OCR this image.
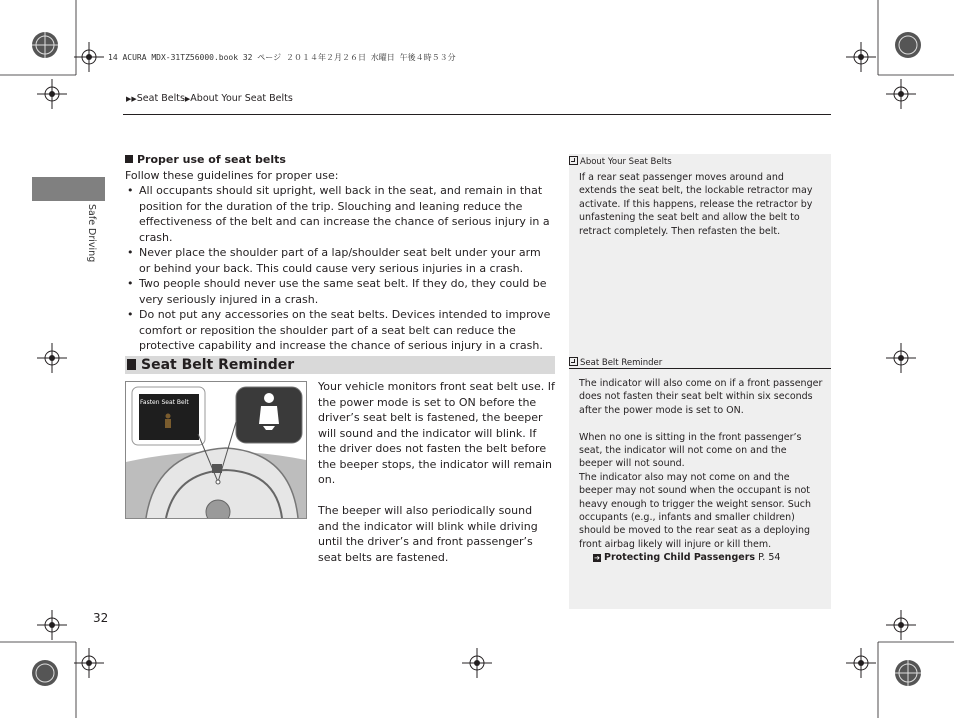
14 ACURA MDX-31TZ56000.book 32 ページ ２０１４年２月２６日 水曜日 午後４時５３分
▶▶Seat Belts▶About Your Seat Belts
Safe Driving
Proper use of seat belts

Follow these guidelines for proper use:

• All occupants should sit upright, well back in the seat, and remain in that position for the duration of the trip. Slouching and leaning reduce the effectiveness of the belt and can increase the chance of serious injury in a crash.
• Never place the shoulder part of a lap/shoulder seat belt under your arm or behind your back. This could cause very serious injuries in a crash.
• Two people should never use the same seat belt. If they do, they could be very seriously injured in a crash.
• Do not put any accessories on the seat belts. Devices intended to improve comfort or reposition the shoulder part of a seat belt can reduce the protective capability and increase the chance of serious injury in a crash.
Seat Belt Reminder
Fasten Seat Belt

Your vehicle monitors front seat belt use. If the power mode is set to ON before the driver’s seat belt is fastened, the beeper will sound and the indicator will blink. If the driver does not fasten the belt before the beeper stops, the indicator will remain on.

The beeper will also periodically sound and the indicator will blink while driving until the driver’s and front passenger’s seat belts are fastened.

About Your Seat Belts
If a rear seat passenger moves around and extends the seat belt, the lockable retractor may activate. If this happens, release the retractor by unfastening the seat belt and allow the belt to retract completely. Then refasten the belt.
Seat Belt Reminder

The indicator will also come on if a front passenger does not fasten their seat belt within six seconds after the power mode is set to ON.

When no one is sitting in the front passenger’s seat, the indicator will not come on and the beeper will not sound.

The indicator also may not come on and the beeper may not sound when the occupant is not heavy enough to trigger the weight sensor. Such occupants (e.g., infants and smaller children) should be moved to the rear seat as a deploying front airbag likely will injure or kill them.

➔ Protecting Child Passengers P. 54

32
